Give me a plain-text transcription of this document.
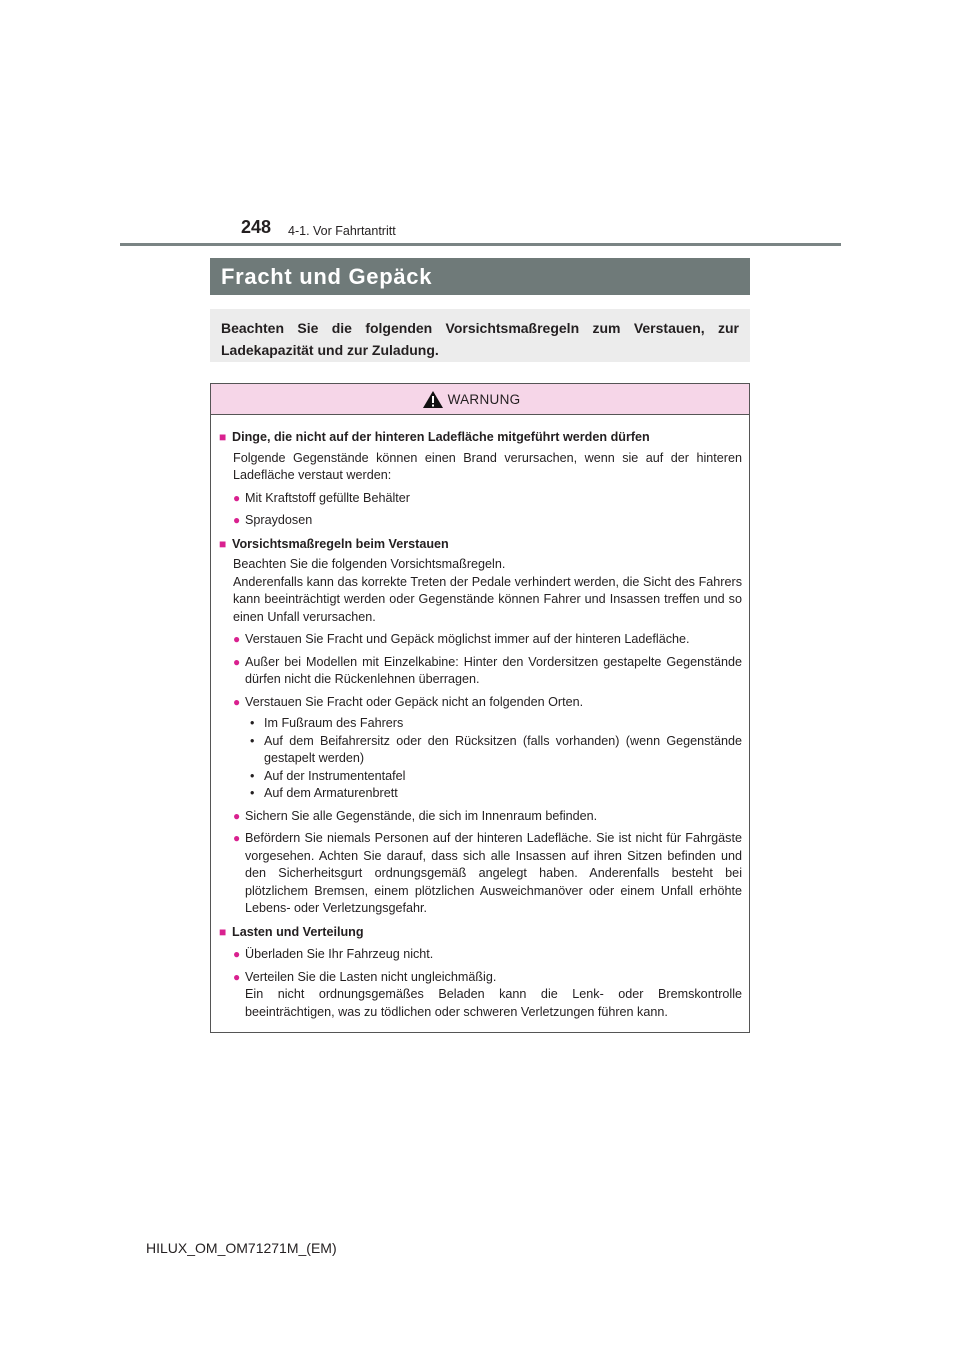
248 4-1. Vor Fahrtantritt
Fracht und Gepäck
Beachten Sie die folgenden Vorsichtsmaßregeln zum Verstauen, zur Ladekapazität und zur Zuladung.
WARNUNG
■ Dinge, die nicht auf der hinteren Ladefläche mitgeführt werden dürfen
Folgende Gegenstände können einen Brand verursachen, wenn sie auf der hinteren Ladefläche verstaut werden:
● Mit Kraftstoff gefüllte Behälter
● Spraydosen
■ Vorsichtsmaßregeln beim Verstauen
Beachten Sie die folgenden Vorsichtsmaßregeln.
Anderenfalls kann das korrekte Treten der Pedale verhindert werden, die Sicht des Fahrers kann beeinträchtigt werden oder Gegenstände können Fahrer und Insassen treffen und so einen Unfall verursachen.
● Verstauen Sie Fracht und Gepäck möglichst immer auf der hinteren Ladefläche.
● Außer bei Modellen mit Einzelkabine: Hinter den Vordersitzen gestapelte Gegenstände dürfen nicht die Rückenlehnen überragen.
● Verstauen Sie Fracht oder Gepäck nicht an folgenden Orten.
• Im Fußraum des Fahrers
• Auf dem Beifahrersitz oder den Rücksitzen (falls vorhanden) (wenn Gegenstände gestapelt werden)
• Auf der Instrumententafel
• Auf dem Armaturenbrett
● Sichern Sie alle Gegenstände, die sich im Innenraum befinden.
● Befördern Sie niemals Personen auf der hinteren Ladefläche. Sie ist nicht für Fahrgäste vorgesehen. Achten Sie darauf, dass sich alle Insassen auf ihren Sitzen befinden und den Sicherheitsgurt ordnungsgemäß angelegt haben. Anderenfalls besteht bei plötzlichem Bremsen, einem plötzlichen Ausweichmanöver oder einem Unfall erhöhte Lebens- oder Verletzungsgefahr.
■ Lasten und Verteilung
● Überladen Sie Ihr Fahrzeug nicht.
● Verteilen Sie die Lasten nicht ungleichmäßig.
Ein nicht ordnungsgemäßes Beladen kann die Lenk- oder Bremskontrolle beeinträchtigen, was zu tödlichen oder schweren Verletzungen führen kann.
HILUX_OM_OM71271M_(EM)
